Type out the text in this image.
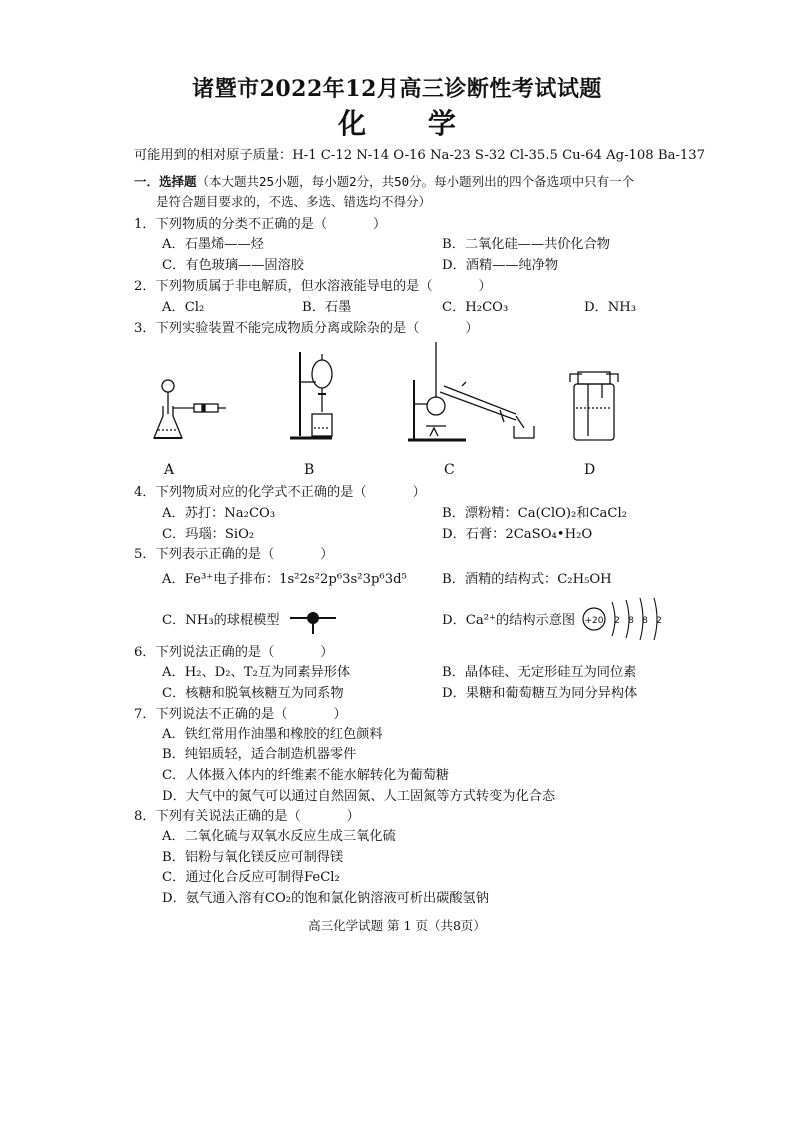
诸暨市2022年12月高三诊断性考试试题
化 学
可能用到的相对原子质量：H-1 C-12 N-14 O-16 Na-23 S-32 Cl-35.5 Cu-64 Ag-108 Ba-137
一．选择题（本大题共25小题，每小题2分，共50分。每小题列出的四个备选项中只有一个
是符合题目要求的，不选、多选、错选均不得分）
1．下列物质的分类不正确的是（	）
A．石墨烯——烃	B．二氧化硅——共价化合物
C．有色玻璃——固溶胶	D．酒精——纯净物
2．下列物质属于非电解质，但水溶液能导电的是（	）
A．Cl₂	B．石墨	C．H₂CO₃	D．NH₃
3．下列实验装置不能完成物质分离或除杂的是（	）
A	B	C	D
4．下列物质对应的化学式不正确的是（	）
A．苏打：Na₂CO₃	B．漂粉精：Ca(ClO)₂和CaCl₂
C．玛瑙：SiO₂	D．石膏：2CaSO₄•H₂O
5．下列表示正确的是（	）
A．Fe³⁺电子排布：1s²2s²2p⁶3s²3p⁶3d⁵	B．酒精的结构式：C₂H₅OH
C．NH₃的球棍模型	D．Ca²⁺的结构示意图 +20 2 8 8 2
6．下列说法正确的是（	）
A．H₂、D₂、T₂互为同素异形体	B．晶体硅、无定形硅互为同位素
C．核糖和脱氧核糖互为同系物	D．果糖和葡萄糖互为同分异构体
7．下列说法不正确的是（	）
A．铁红常用作油墨和橡胶的红色颜料
B．纯铝质轻，适合制造机器零件
C．人体摄入体内的纤维素不能水解转化为葡萄糖
D．大气中的氮气可以通过自然固氮、人工固氮等方式转变为化合态
8．下列有关说法正确的是（	）
A．二氧化硫与双氧水反应生成三氧化硫
B．铝粉与氧化镁反应可制得镁
C．通过化合反应可制得FeCl₂
D．氨气通入溶有CO₂的饱和氯化钠溶液可析出碳酸氢钠
高三化学试题 第 1 页（共8页）
